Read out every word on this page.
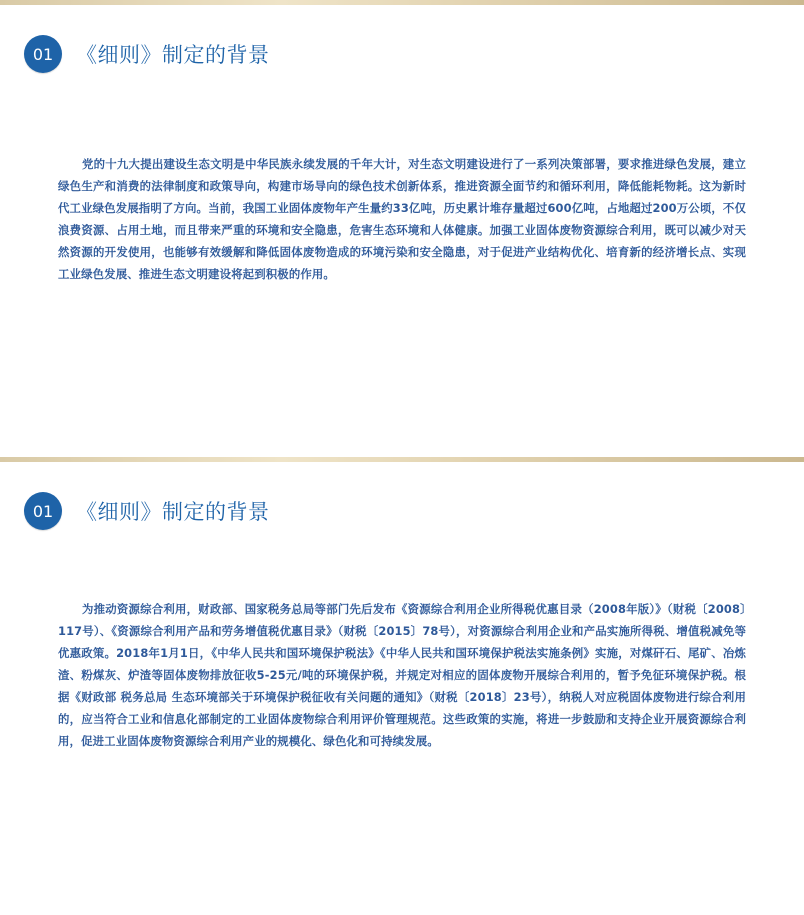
01	《细则》制定的背景

党的十九大提出建设生态文明是中华民族永续发展的千年大计，对生态文明建设进行了一系列决策部署，要求推进绿色发展，建立绿色生产和消费的法律制度和政策导向，构建市场导向的绿色技术创新体系，推进资源全面节约和循环利用，降低能耗物耗。这为新时代工业绿色发展指明了方向。当前，我国工业固体废物年产生量约33亿吨，历史累计堆存量超过600亿吨，占地超过200万公顷，不仅浪费资源、占用土地，而且带来严重的环境和安全隐患，危害生态环境和人体健康。加强工业固体废物资源综合利用，既可以减少对天然资源的开发使用，也能够有效缓解和降低固体废物造成的环境污染和安全隐患，对于促进产业结构优化、培育新的经济增长点、实现工业绿色发展、推进生态文明建设将起到积极的作用。

01	《细则》制定的背景

为推动资源综合利用，财政部、国家税务总局等部门先后发布《资源综合利用企业所得税优惠目录（2008年版）》（财税〔2008〕117号）、《资源综合利用产品和劳务增值税优惠目录》（财税〔2015〕78号），对资源综合利用企业和产品实施所得税、增值税减免等优惠政策。2018年1月1日，《中华人民共和国环境保护税法》《中华人民共和国环境保护税法实施条例》实施，对煤矸石、尾矿、冶炼渣、粉煤灰、炉渣等固体废物排放征收5-25元/吨的环境保护税，并规定对相应的固体废物开展综合利用的，暂予免征环境保护税。根据《财政部 税务总局 生态环境部关于环境保护税征收有关问题的通知》（财税〔2018〕23号），纳税人对应税固体废物进行综合利用的，应当符合工业和信息化部制定的工业固体废物综合利用评价管理规范。这些政策的实施，将进一步鼓励和支持企业开展资源综合利用，促进工业固体废物资源综合利用产业的规模化、绿色化和可持续发展。
